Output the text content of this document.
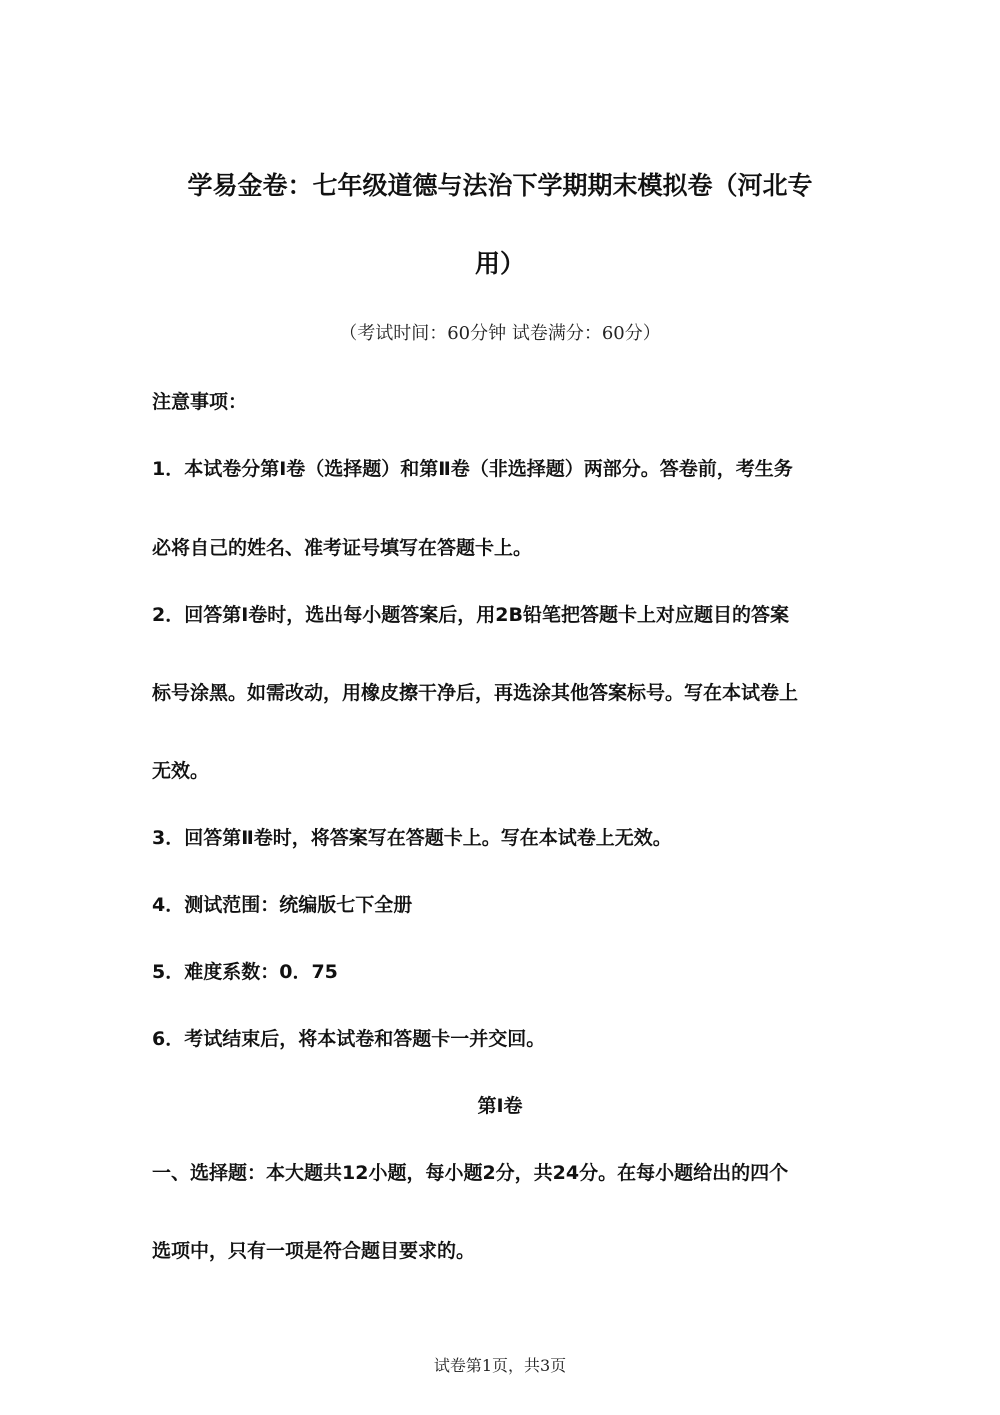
学易金卷：七年级道德与法治下学期期末模拟卷（河北专
用）
（考试时间：60分钟 试卷满分：60分）
注意事项：
1．本试卷分第Ⅰ卷（选择题）和第Ⅱ卷（非选择题）两部分。答卷前，考生务
必将自己的姓名、准考证号填写在答题卡上。
2．回答第Ⅰ卷时，选出每小题答案后，用2B铅笔把答题卡上对应题目的答案
标号涂黑。如需改动，用橡皮擦干净后，再选涂其他答案标号。写在本试卷上
无效。
3．回答第Ⅱ卷时，将答案写在答题卡上。写在本试卷上无效。
4．测试范围：统编版七下全册
5．难度系数：0．75
6．考试结束后，将本试卷和答题卡一并交回。
第Ⅰ卷
一、选择题：本大题共12小题，每小题2分，共24分。在每小题给出的四个
选项中，只有一项是符合题目要求的。
试卷第1页，共3页
